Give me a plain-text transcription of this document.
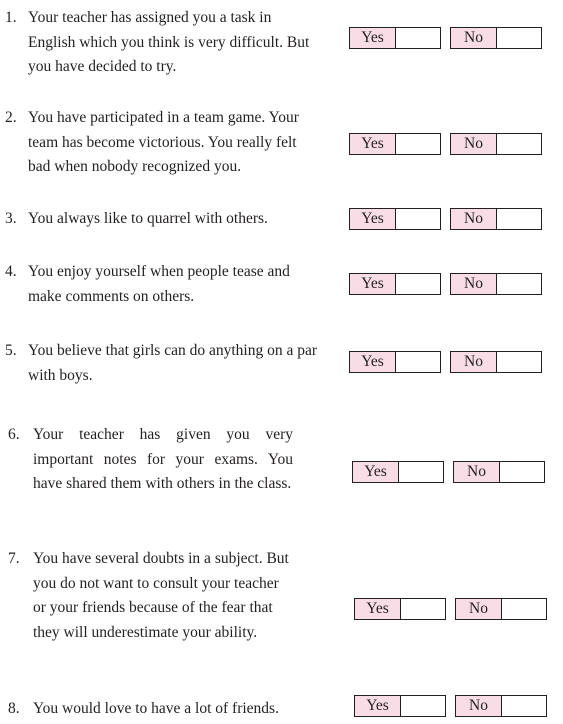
1. Your teacher has assigned you a task in English which you think is very difficult. But you have decided to try.
Yes	No
2. You have participated in a team game. Your team has become victorious. You really felt bad when nobody recognized you.
Yes	No
3. You always like to quarrel with others.	Yes	No
4. You enjoy yourself when people tease and make comments on others.
Yes	No
5. You believe that girls can do anything on a par with boys.
Yes	No
6. Your teacher has given you very important notes for your exams. You have shared them with others in the class.
Yes	No
7. You have several doubts in a subject. But you do not want to consult your teacher or your friends because of the fear that they will underestimate your ability.
Yes	No
8. You would love to have a lot of friends.	Yes	No
